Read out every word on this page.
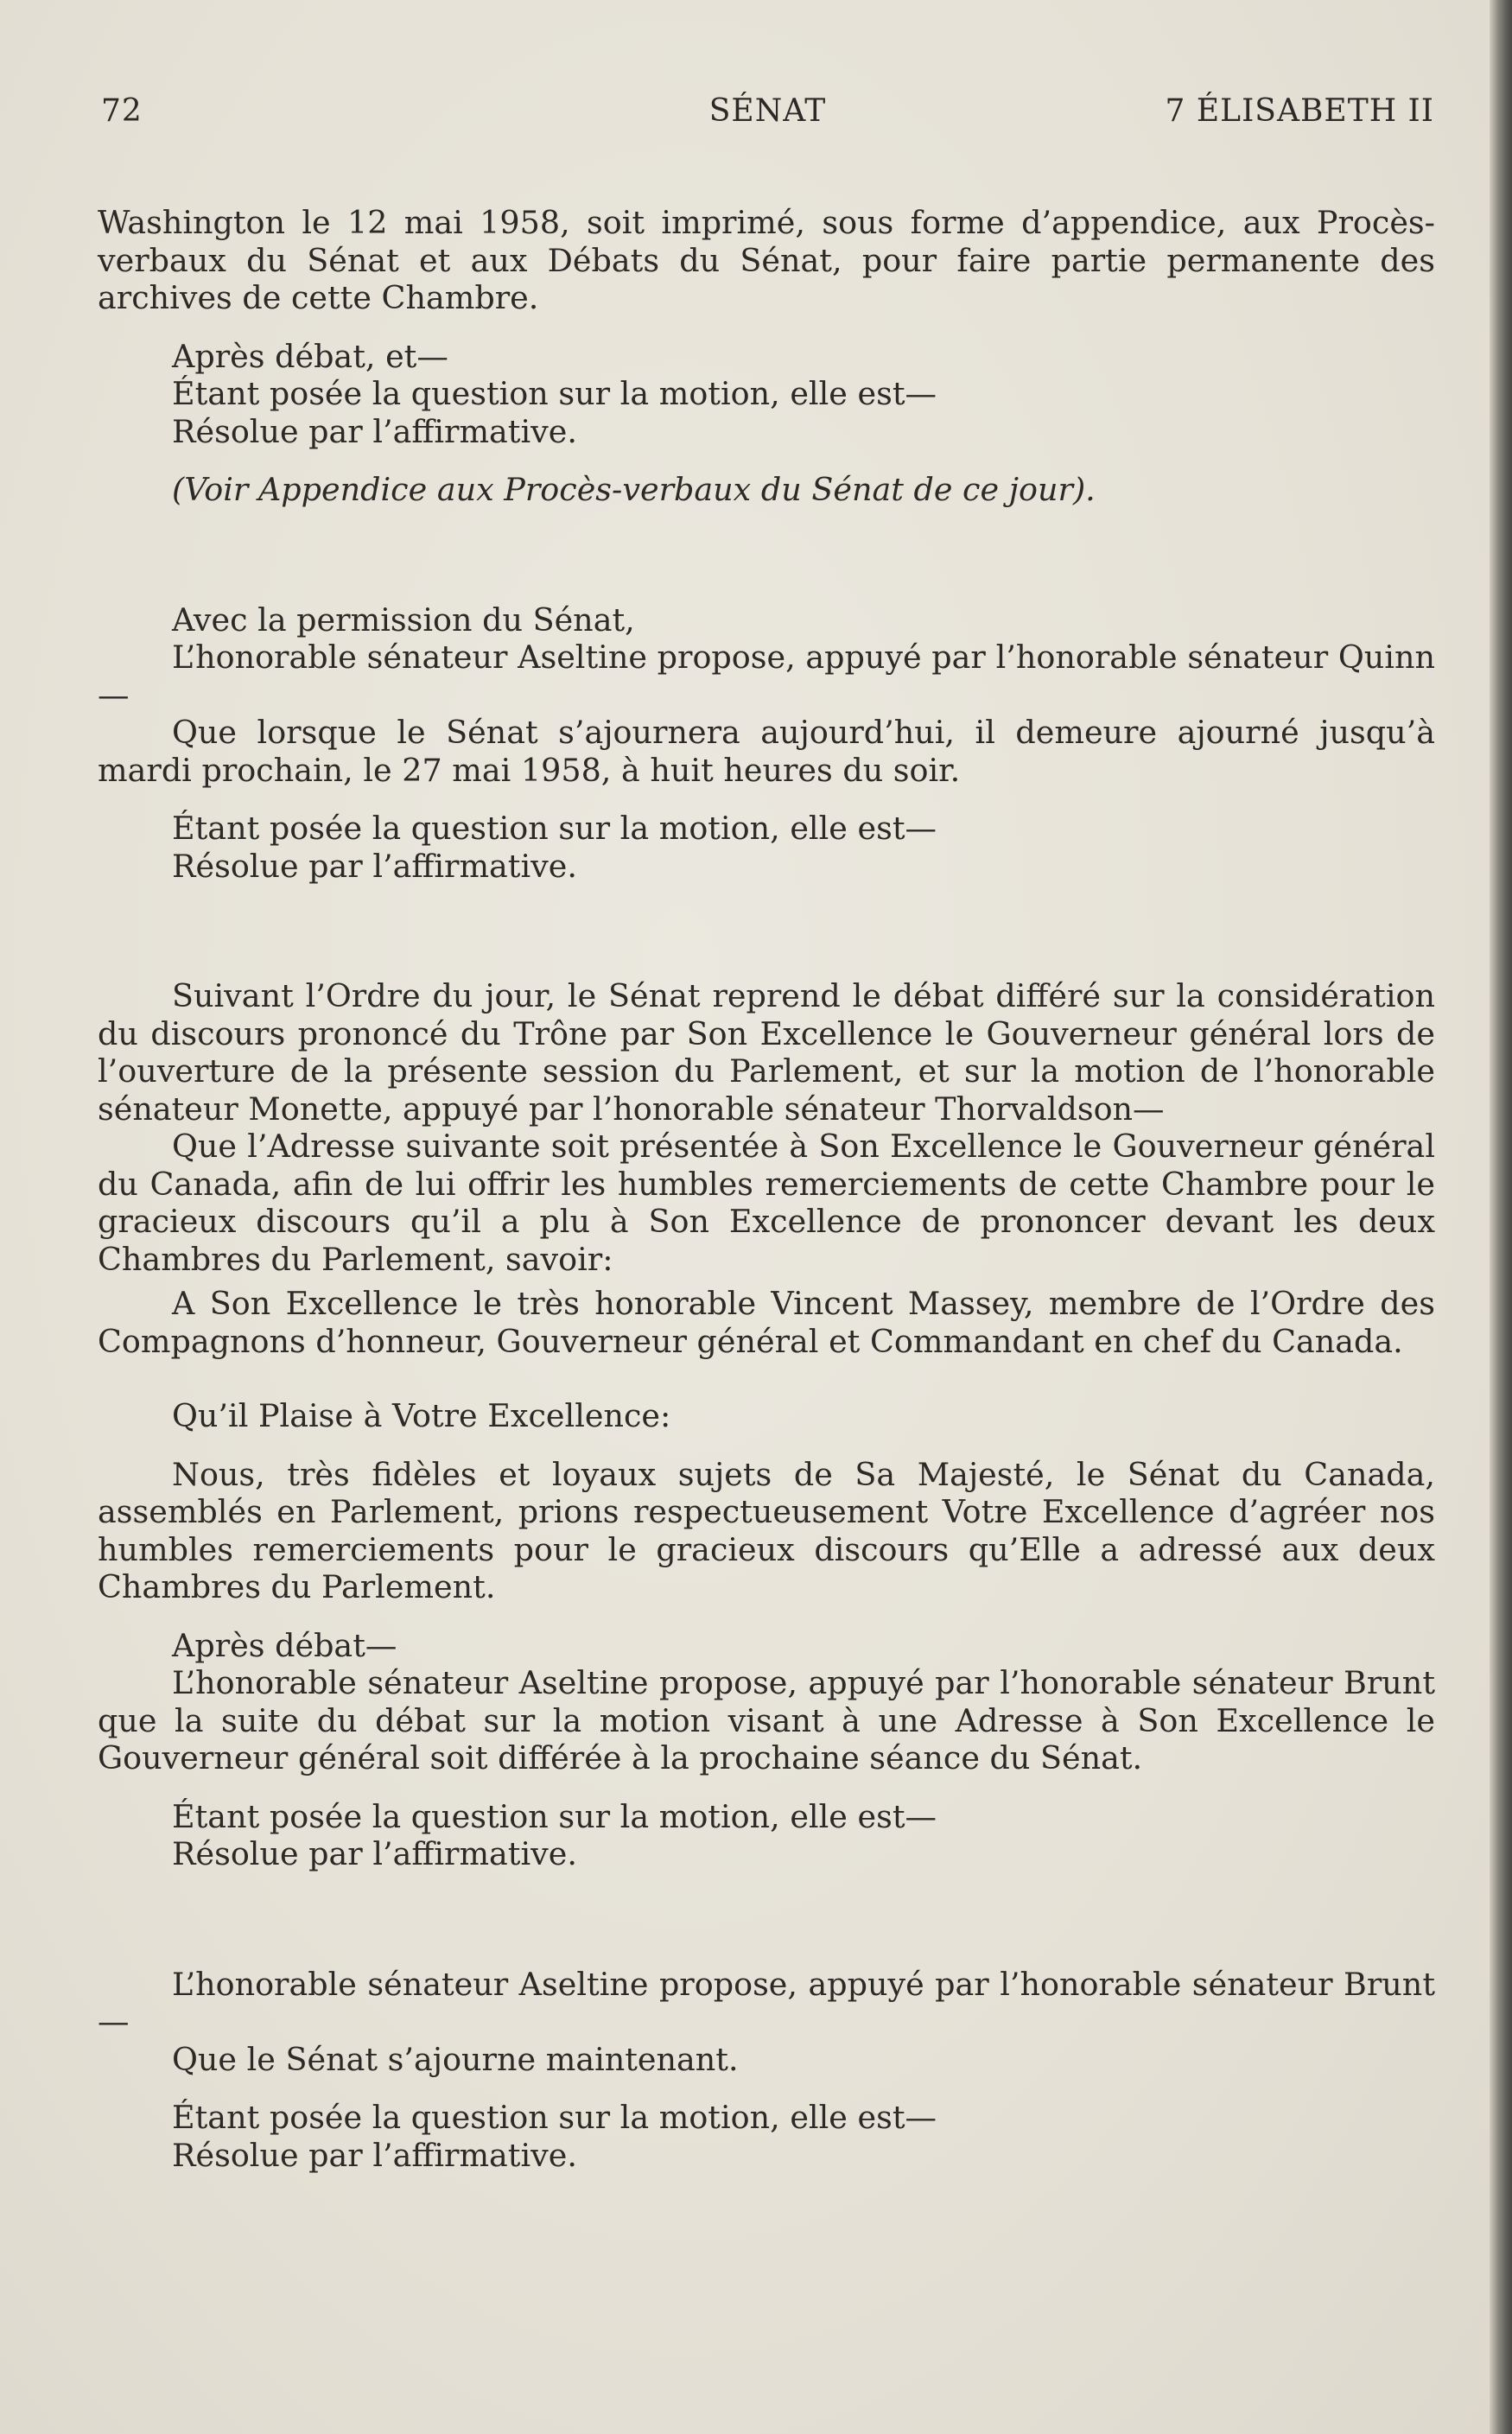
72	SÉNAT	7 ÉLISABETH II

Washington le 12 mai 1958, soit imprimé, sous forme d’appendice, aux Procès-verbaux du Sénat et aux Débats du Sénat, pour faire partie permanente des archives de cette Chambre.

Après débat, et—

Étant posée la question sur la motion, elle est—

Résolue par l’affirmative.

(Voir Appendice aux Procès-verbaux du Sénat de ce jour).

Avec la permission du Sénat,

L’honorable sénateur Aseltine propose, appuyé par l’honorable sénateur Quinn—

Que lorsque le Sénat s’ajournera aujourd’hui, il demeure ajourné jusqu’à mardi prochain, le 27 mai 1958, à huit heures du soir.

Étant posée la question sur la motion, elle est—

Résolue par l’affirmative.

Suivant l’Ordre du jour, le Sénat reprend le débat différé sur la considération du discours prononcé du Trône par Son Excellence le Gouverneur général lors de l’ouverture de la présente session du Parlement, et sur la motion de l’honorable sénateur Monette, appuyé par l’honorable sénateur Thorvaldson—

Que l’Adresse suivante soit présentée à Son Excellence le Gouverneur général du Canada, afin de lui offrir les humbles remerciements de cette Chambre pour le gracieux discours qu’il a plu à Son Excellence de prononcer devant les deux Chambres du Parlement, savoir:

A Son Excellence le très honorable Vincent Massey, membre de l’Ordre des Compagnons d’honneur, Gouverneur général et Commandant en chef du Canada.

Qu’il Plaise à Votre Excellence:

Nous, très fidèles et loyaux sujets de Sa Majesté, le Sénat du Canada, assemblés en Parlement, prions respectueusement Votre Excellence d’agréer nos humbles remerciements pour le gracieux discours qu’Elle a adressé aux deux Chambres du Parlement.

Après débat—

L’honorable sénateur Aseltine propose, appuyé par l’honorable sénateur Brunt que la suite du débat sur la motion visant à une Adresse à Son Excellence le Gouverneur général soit différée à la prochaine séance du Sénat.

Étant posée la question sur la motion, elle est—

Résolue par l’affirmative.

L’honorable sénateur Aseltine propose, appuyé par l’honorable sénateur Brunt—

Que le Sénat s’ajourne maintenant.

Étant posée la question sur la motion, elle est—

Résolue par l’affirmative.
